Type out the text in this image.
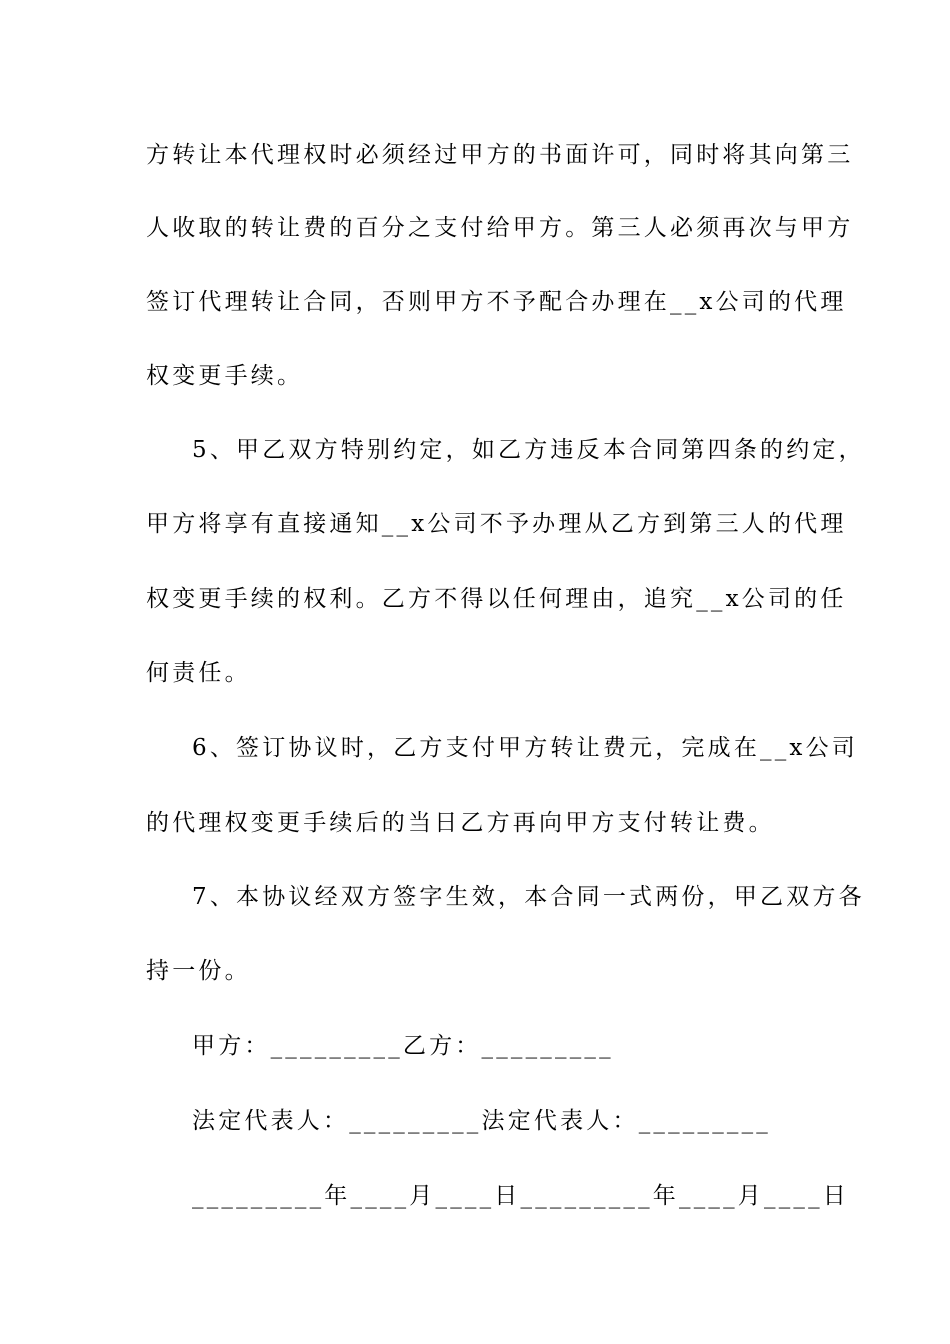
方转让本代理权时必须经过甲方的书面许可，同时将其向第三
人收取的转让费的百分之支付给甲方。第三人必须再次与甲方
签订代理转让合同，否则甲方不予配合办理在__x公司的代理
权变更手续。
5、甲乙双方特别约定，如乙方违反本合同第四条的约定，
甲方将享有直接通知__x公司不予办理从乙方到第三人的代理
权变更手续的权利。乙方不得以任何理由，追究__x公司的任
何责任。
6、签订协议时，乙方支付甲方转让费元，完成在__x公司
的代理权变更手续后的当日乙方再向甲方支付转让费。
7、本协议经双方签字生效，本合同一式两份，甲乙双方各
持一份。
甲方：_________乙方：_________
法定代表人：_________法定代表人：_________
_________年____月____日_________年____月____日
